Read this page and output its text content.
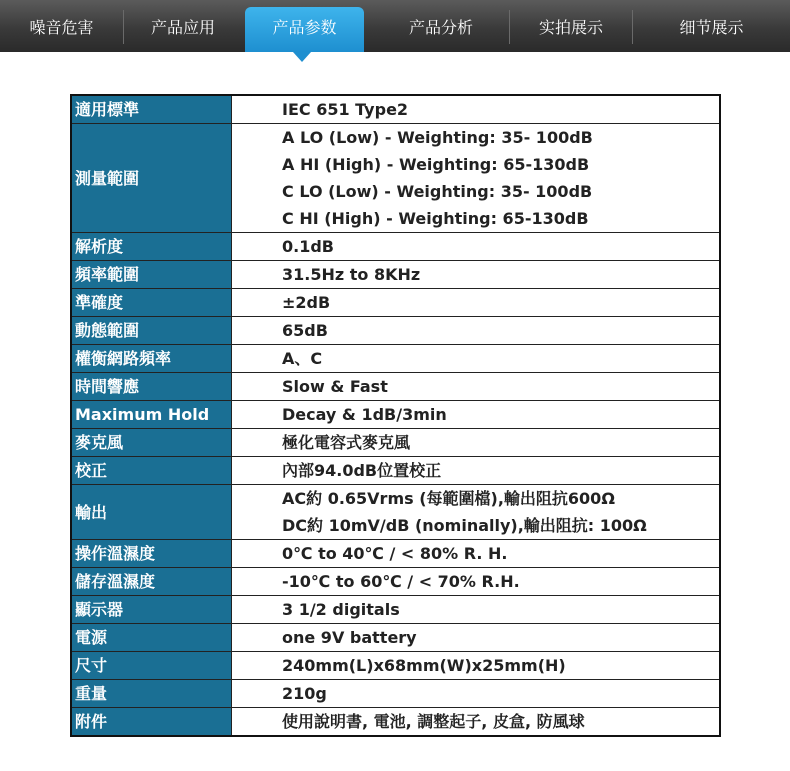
噪音危害	产品应用	产品参数	产品分析	实拍展示	细节展示
適用標準	IEC 651 Type2

測量範圍	A LO (Low) - Weighting: 35- 100dB
A HI (High) - Weighting: 65-130dB
C LO (Low) - Weighting: 35- 100dB
C HI (High) - Weighting: 65-130dB

解析度	0.1dB

頻率範圍	31.5Hz to 8KHz

準確度	±2dB

動態範圍	65dB

權衡網路頻率	A、C

時間響應	Slow & Fast

Maximum Hold	Decay & 1dB/3min

麥克風	極化電容式麥克風

校正	內部94.0dB位置校正

輸出	AC約 0.65Vrms (每範圍檔),輸出阻抗600Ω
DC約 10mV/dB (nominally),輸出阻抗: 100Ω

操作溫濕度	0℃ to 40℃ / < 80% R. H.

儲存溫濕度	-10℃ to 60℃ / < 70% R.H.

顯示器	3 1/2 digitals

電源	one 9V battery

尺寸	240mm(L)x68mm(W)x25mm(H)

重量	210g

附件	使用說明書, 電池, 調整起子, 皮盒, 防風球
